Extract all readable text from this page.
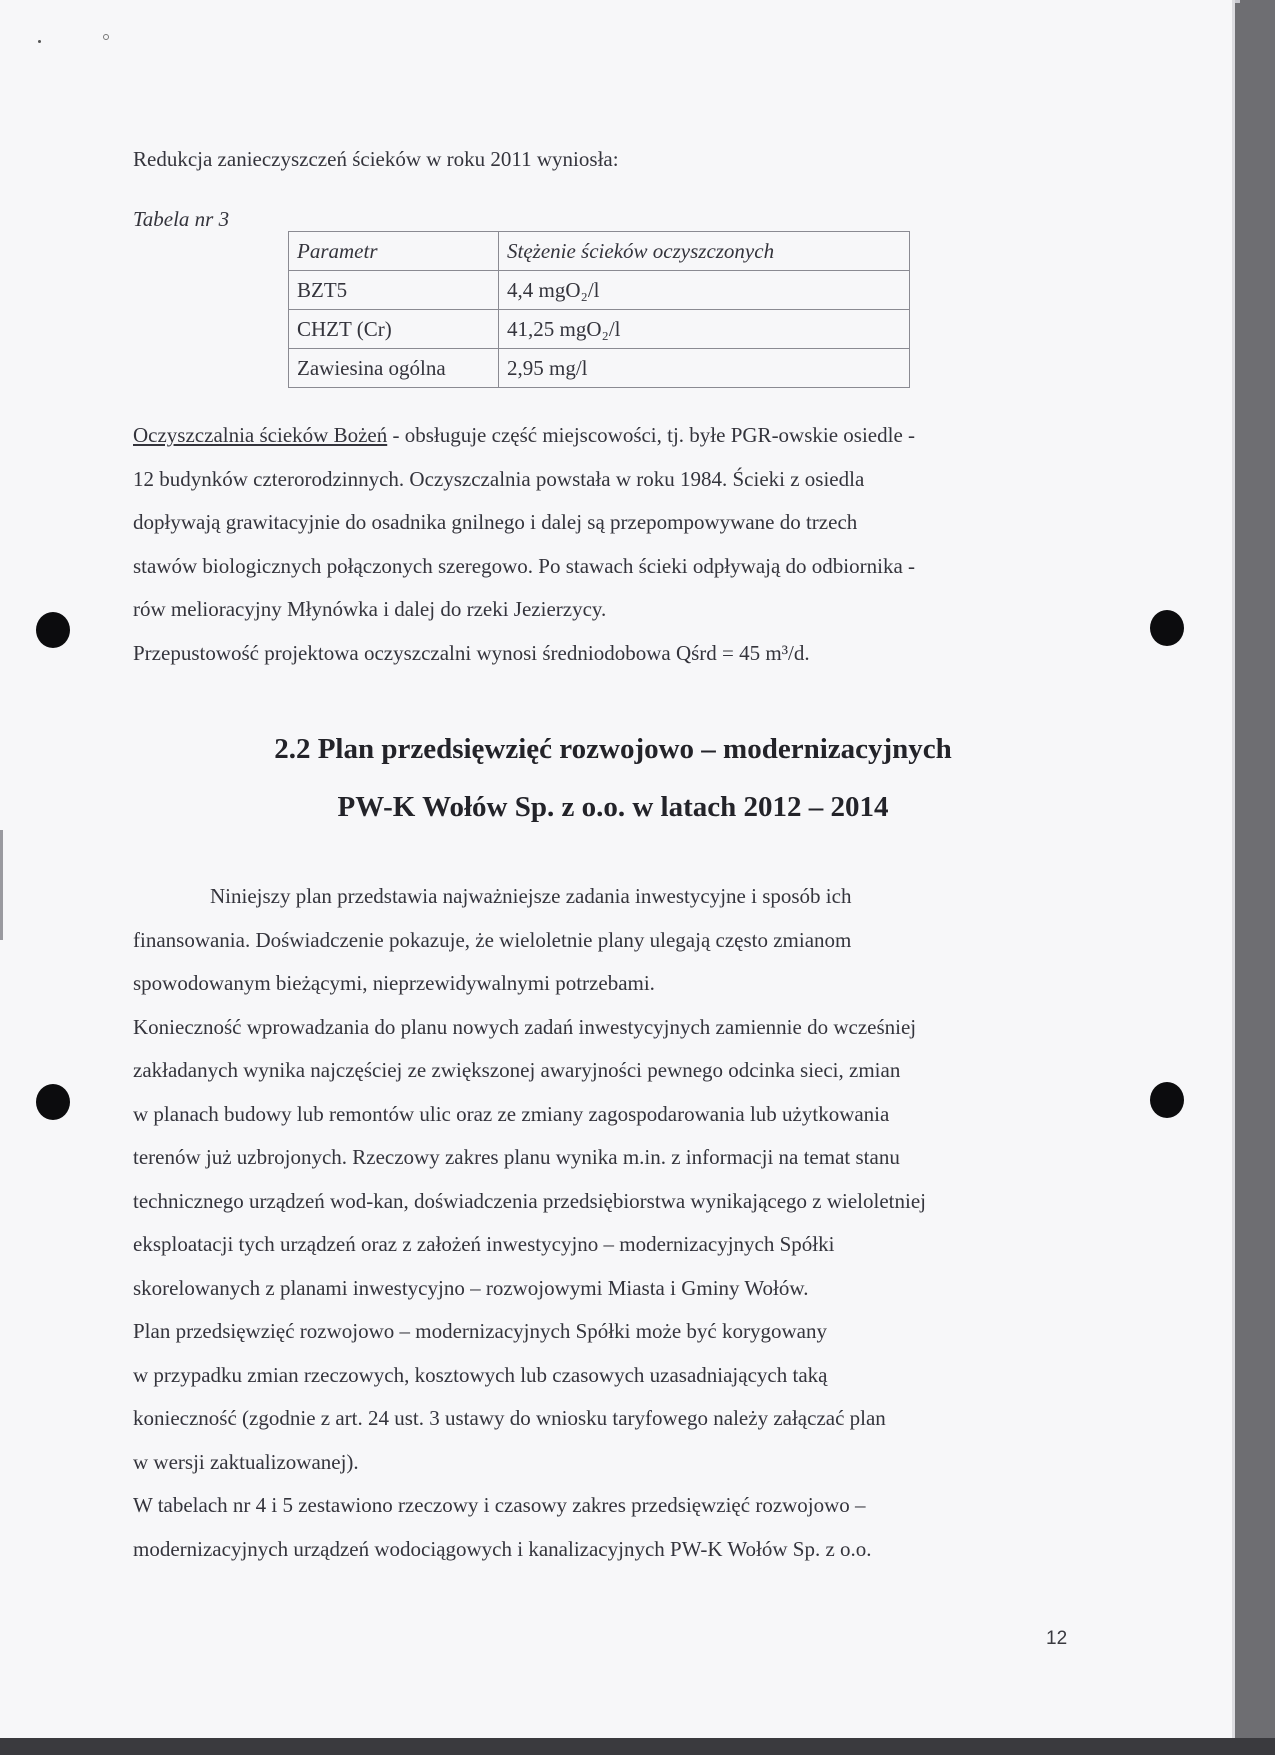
Redukcja zanieczyszczeń ścieków w roku 2011 wyniosła:
Tabela nr 3
Parametr	Stężenie ścieków oczyszczonych
BZT5	4,4 mgO₂/l
CHZT (Cr)	41,25 mgO₂/l
Zawiesina ogólna	2,95 mg/l
Oczyszczalnia ścieków Bożeń - obsługuje część miejscowości, tj. byłe PGR-owskie osiedle -
12 budynków czterorodzinnych. Oczyszczalnia powstała w roku 1984. Ścieki z osiedla
dopływają grawitacyjnie do osadnika gnilnego i dalej są przepompowywane do trzech
stawów biologicznych połączonych szeregowo. Po stawach ścieki odpływają do odbiornika -
rów melioracyjny Młynówka i dalej do rzeki Jezierzycy.
Przepustowość projektowa oczyszczalni wynosi średniodobowa Qśrd = 45 m³/d.
2.2 Plan przedsięwzięć rozwojowo – modernizacyjnych
PW-K Wołów Sp. z o.o. w latach 2012 – 2014
Niniejszy plan przedstawia najważniejsze zadania inwestycyjne i sposób ich
finansowania. Doświadczenie pokazuje, że wieloletnie plany ulegają często zmianom
spowodowanym bieżącymi, nieprzewidywalnymi potrzebami.
Konieczność wprowadzania do planu nowych zadań inwestycyjnych zamiennie do wcześniej
zakładanych wynika najczęściej ze zwiększonej awaryjności pewnego odcinka sieci, zmian
w planach budowy lub remontów ulic oraz ze zmiany zagospodarowania lub użytkowania
terenów już uzbrojonych. Rzeczowy zakres planu wynika m.in. z informacji na temat stanu
technicznego urządzeń wod-kan, doświadczenia przedsiębiorstwa wynikającego z wieloletniej
eksploatacji tych urządzeń oraz z założeń inwestycyjno – modernizacyjnych Spółki
skorelowanych z planami inwestycyjno – rozwojowymi Miasta i Gminy Wołów.
Plan przedsięwzięć rozwojowo – modernizacyjnych Spółki może być korygowany
w przypadku zmian rzeczowych, kosztowych lub czasowych uzasadniających taką
konieczność (zgodnie z art. 24 ust. 3 ustawy do wniosku taryfowego należy załączać plan
w wersji zaktualizowanej).
W tabelach nr 4 i 5 zestawiono rzeczowy i czasowy zakres przedsięwzięć rozwojowo –
modernizacyjnych urządzeń wodociągowych i kanalizacyjnych PW-K Wołów Sp. z o.o.
12
